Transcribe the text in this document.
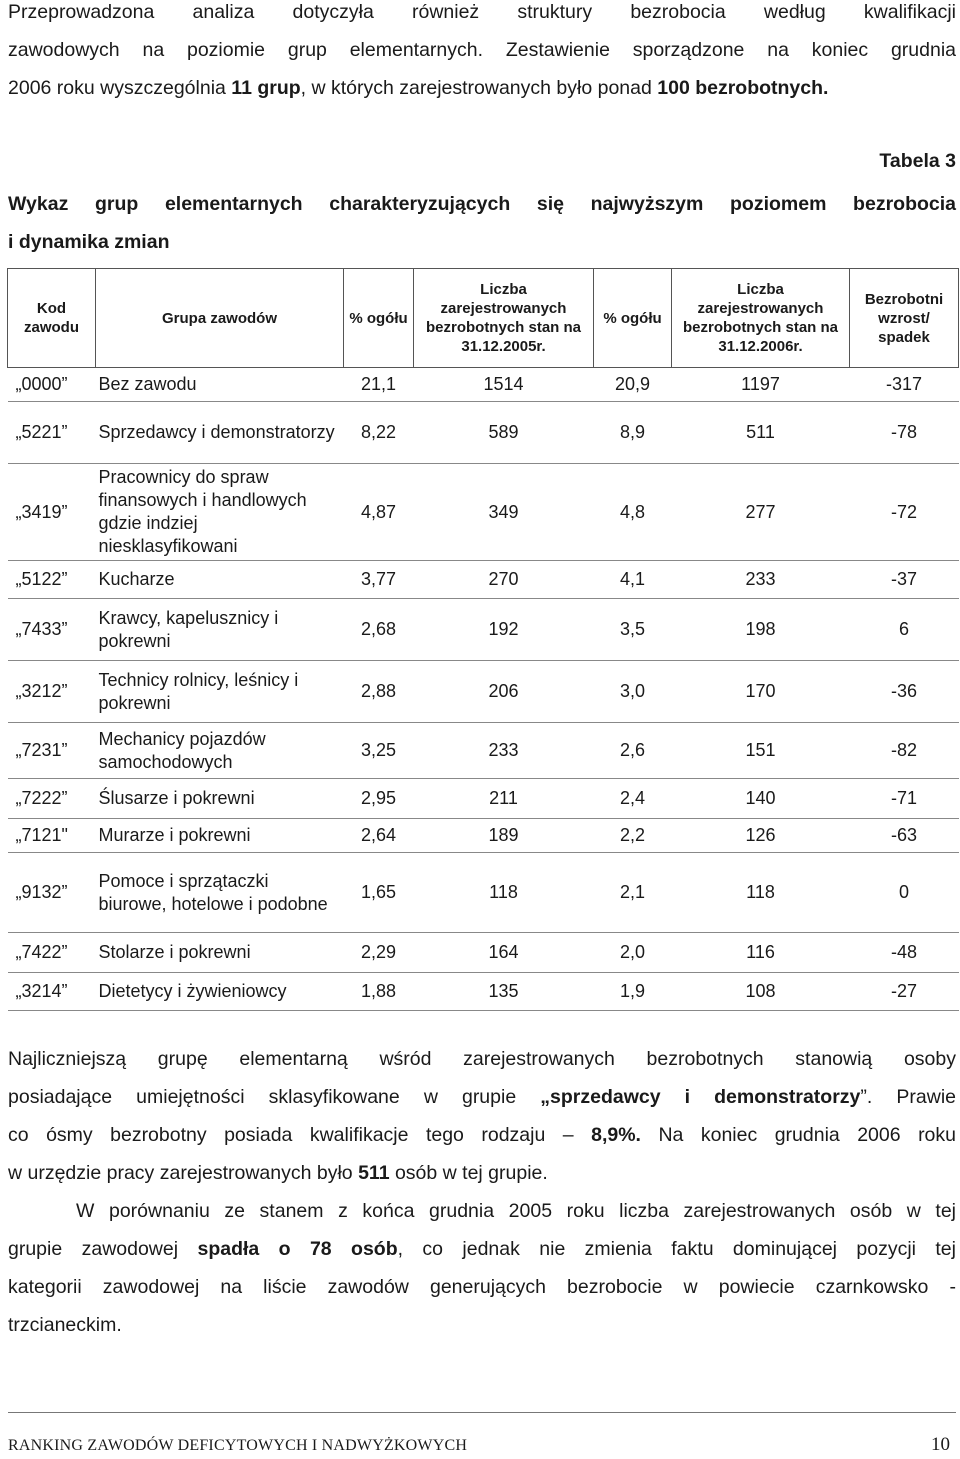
Przeprowadzona analiza dotyczyła również struktury bezrobocia według kwalifikacji
zawodowych na poziomie grup elementarnych. Zestawienie sporządzone na koniec grudnia
2006 roku wyszczególnia 11 grup, w których zarejestrowanych było ponad 100 bezrobotnych.
Tabela 3
Wykaz grup elementarnych charakteryzujących się najwyższym poziomem bezrobocia
i dynamika zmian
Kod zawodu	Grupa zawodów	% ogółu	Liczba zarejestrowanych bezrobotnych stan na 31.12.2005r.	% ogółu	Liczba zarejestrowanych bezrobotnych stan na 31.12.2006r.	Bezrobotni wzrost/ spadek
„0000”	Bez zawodu	21,1	1514	20,9	1197	-317
„5221”	Sprzedawcy i demonstratorzy	8,22	589	8,9	511	-78
„3419”	Pracownicy do spraw finansowych i handlowych gdzie indziej niesklasyfikowani	4,87	349	4,8	277	-72
„5122”	Kucharze	3,77	270	4,1	233	-37
„7433”	Krawcy, kapelusznicy i pokrewni	2,68	192	3,5	198	6
„3212”	Technicy rolnicy, leśnicy i pokrewni	2,88	206	3,0	170	-36
„7231”	Mechanicy pojazdów samochodowych	3,25	233	2,6	151	-82
„7222”	Ślusarze i pokrewni	2,95	211	2,4	140	-71
„7121"	Murarze i pokrewni	2,64	189	2,2	126	-63
„9132”	Pomoce i sprzątaczki biurowe, hotelowe i podobne	1,65	118	2,1	118	0
„7422”	Stolarze i pokrewni	2,29	164	2,0	116	-48
„3214”	Dietetycy i żywieniowcy	1,88	135	1,9	108	-27
Najliczniejszą grupę elementarną wśród zarejestrowanych bezrobotnych stanowią osoby
posiadające umiejętności sklasyfikowane w grupie „sprzedawcy i demonstratorzy”. Prawie
co ósmy bezrobotny posiada kwalifikacje tego rodzaju – 8,9%. Na koniec grudnia 2006 roku
w urzędzie pracy zarejestrowanych było 511 osób w tej grupie.
W porównaniu ze stanem z końca grudnia 2005 roku liczba zarejestrowanych osób w tej
grupie zawodowej spadła o 78 osób, co jednak nie zmienia faktu dominującej pozycji tej
kategorii zawodowej na liście zawodów generujących bezrobocie w powiecie czarnkowsko -
trzcianeckim.
RANKING ZAWODÓW DEFICYTOWYCH I NADWYŻKOWYCH	10
